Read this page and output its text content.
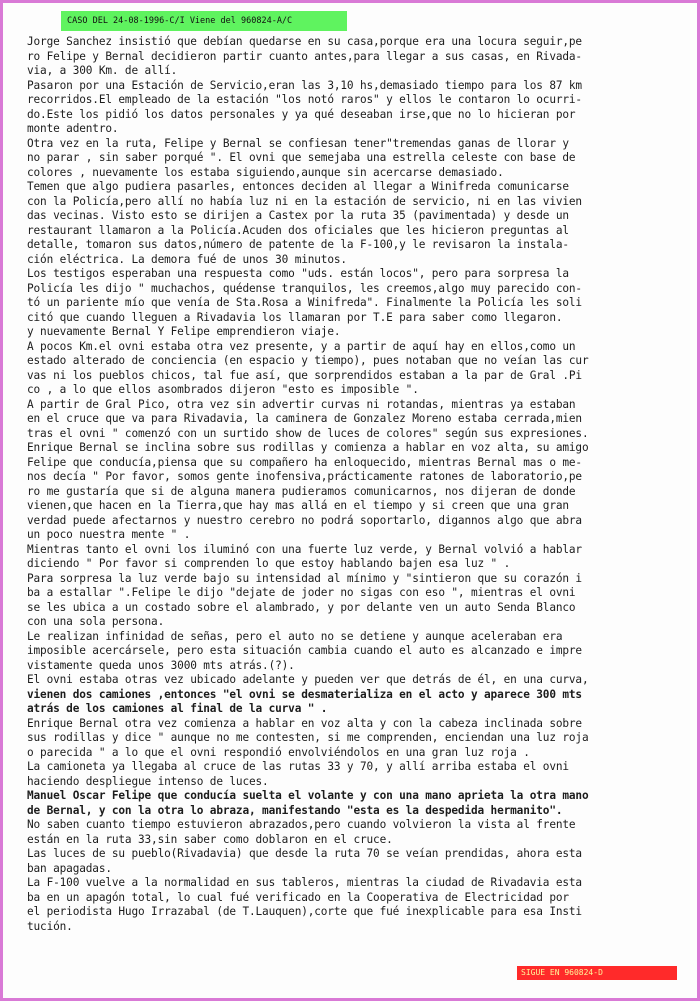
CASO DEL 24-08-1996-C/I Viene del 960824-A/C
Jorge Sanchez insistió que debían quedarse en su casa,porque era una locura seguir,pe
ro Felipe y Bernal decidieron partir cuanto antes,para llegar a sus casas, en Rivada-
via, a 300 Km. de allí.
Pasaron por una Estación de Servicio,eran las 3,10 hs,demasiado tiempo para los 87 km
recorridos.El empleado de la estación "los notó raros" y ellos le contaron lo ocurri-
do.Este los pidió los datos personales y ya qué deseaban irse,que no lo hicieran por
monte adentro.
Otra vez en la ruta, Felipe y Bernal se confiesan tener"tremendas ganas de llorar y
no parar , sin saber porqué ". El ovni que semejaba una estrella celeste con base de
colores , nuevamente los estaba siguiendo,aunque sin acercarse demasiado.
Temen que algo pudiera pasarles, entonces deciden al llegar a Winifreda comunicarse
con la Policía,pero allí no había luz ni en la estación de servicio, ni en las vivien
das vecinas. Visto esto se dirijen a Castex por la ruta 35 (pavimentada) y desde un
restaurant llamaron a la Policía.Acuden dos oficiales que les hicieron preguntas al
detalle, tomaron sus datos,número de patente de la F-100,y le revisaron la instala-
ción eléctrica. La demora fué de unos 30 minutos.
Los testigos esperaban una respuesta como "uds. están locos", pero para sorpresa la
Policía les dijo " muchachos, quédense tranquilos, les creemos,algo muy parecido con-
tó un pariente mío que venía de Sta.Rosa a Winifreda". Finalmente la Policía les soli
citó que cuando lleguen a Rivadavia los llamaran por T.E para saber como llegaron.
y nuevamente Bernal Y Felipe emprendieron viaje.
A pocos Km.el ovni estaba otra vez presente, y a partir de aquí hay en ellos,como un
estado alterado de conciencia (en espacio y tiempo), pues notaban que no veían las cur
vas ni los pueblos chicos, tal fue así, que sorprendidos estaban a la par de Gral .Pi
co , a lo que ellos asombrados dijeron "esto es imposible ".
A partir de Gral Pico, otra vez sin advertir curvas ni rotandas, mientras ya estaban
en el cruce que va para Rivadavia, la caminera de Gonzalez Moreno estaba cerrada,mien
tras el ovni " comenzó con un surtido show de luces de colores" según sus expresiones.
Enrique Bernal se inclina sobre sus rodillas y comienza a hablar en voz alta, su amigo
Felipe que conducía,piensa que su compañero ha enloquecido, mientras Bernal mas o me-
nos decía " Por favor, somos gente inofensiva,prácticamente ratones de laboratorio,pe
ro me gustaría que si de alguna manera pudieramos comunicarnos, nos dijeran de donde
vienen,que hacen en la Tierra,que hay mas allá en el tiempo y si creen que una gran
verdad puede afectarnos y nuestro cerebro no podrá soportarlo, digannos algo que abra
un poco nuestra mente " .
Mientras tanto el ovni los iluminó con una fuerte luz verde, y Bernal volvió a hablar
diciendo " Por favor si comprenden lo que estoy hablando bajen esa luz " .
Para sorpresa la luz verde bajo su intensidad al mínimo y "sintieron que su corazón i
ba a estallar ".Felipe le dijo "dejate de joder no sigas con eso ", mientras el ovni
se les ubica a un costado sobre el alambrado, y por delante ven un auto Senda Blanco
con una sola persona.
Le realizan infinidad de señas, pero el auto no se detiene y aunque aceleraban era
imposible acercársele, pero esta situación cambia cuando el auto es alcanzado e impre
vistamente queda unos 3000 mts atrás.(?).
El ovni estaba otras vez ubicado adelante y pueden ver que detrás de él, en una curva,
vienen dos camiones ,entonces "el ovni se desmaterializa en el acto y aparece 300 mts
atrás de los camiones al final de la curva " .
Enrique Bernal otra vez comienza a hablar en voz alta y con la cabeza inclinada sobre
sus rodillas y dice " aunque no me contesten, si me comprenden, enciendan una luz roja
o parecida " a lo que el ovni respondió envolviéndolos en una gran luz roja .
La camioneta ya llegaba al cruce de las rutas 33 y 70, y allí arriba estaba el ovni
haciendo despliegue intenso de luces.
Manuel Oscar Felipe que conducía suelta el volante y con una mano aprieta la otra mano
de Bernal, y con la otra lo abraza, manifestando "esta es la despedida hermanito".
No saben cuanto tiempo estuvieron abrazados,pero cuando volvieron la vista al frente
están en la ruta 33,sin saber como doblaron en el cruce.
Las luces de su pueblo(Rivadavia) que desde la ruta 70 se veían prendidas, ahora esta
ban apagadas.
La F-100 vuelve a la normalidad en sus tableros, mientras la ciudad de Rivadavia esta
ba en un apagón total, lo cual fué verificado en la Cooperativa de Electricidad por
el periodista Hugo Irrazabal (de T.Lauquen),corte que fué inexplicable para esa Insti
tución.
SIGUE EN 960824-D
